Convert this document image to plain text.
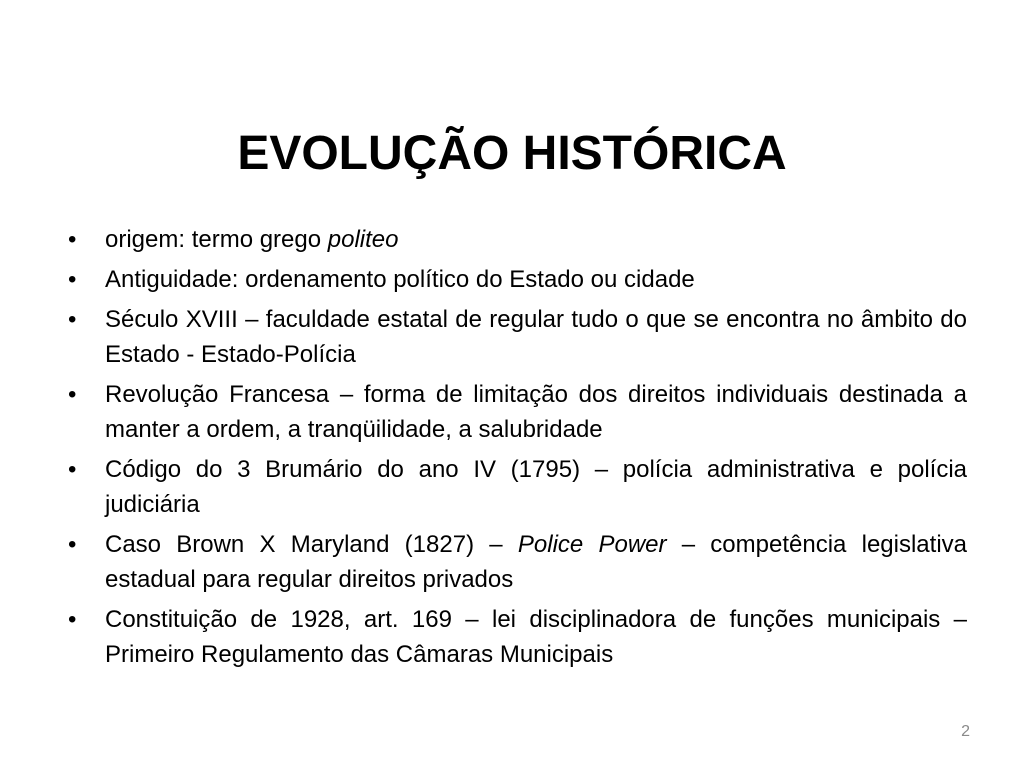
EVOLUÇÃO HISTÓRICA
•	origem: termo grego politeo
•	Antiguidade: ordenamento político do Estado ou cidade
•	Século XVIII – faculdade estatal de regular tudo o que se encontra no âmbito do Estado - Estado-Polícia
•	Revolução Francesa – forma de limitação dos direitos individuais destinada a manter a ordem, a tranqüilidade, a salubridade
•	Código do 3 Brumário do ano IV (1795) – polícia administrativa e polícia judiciária
•	Caso Brown X Maryland (1827) – Police Power – competência legislativa estadual para regular direitos privados
•	Constituição de 1928, art. 169 – lei disciplinadora de funções municipais – Primeiro Regulamento das Câmaras Municipais
2
